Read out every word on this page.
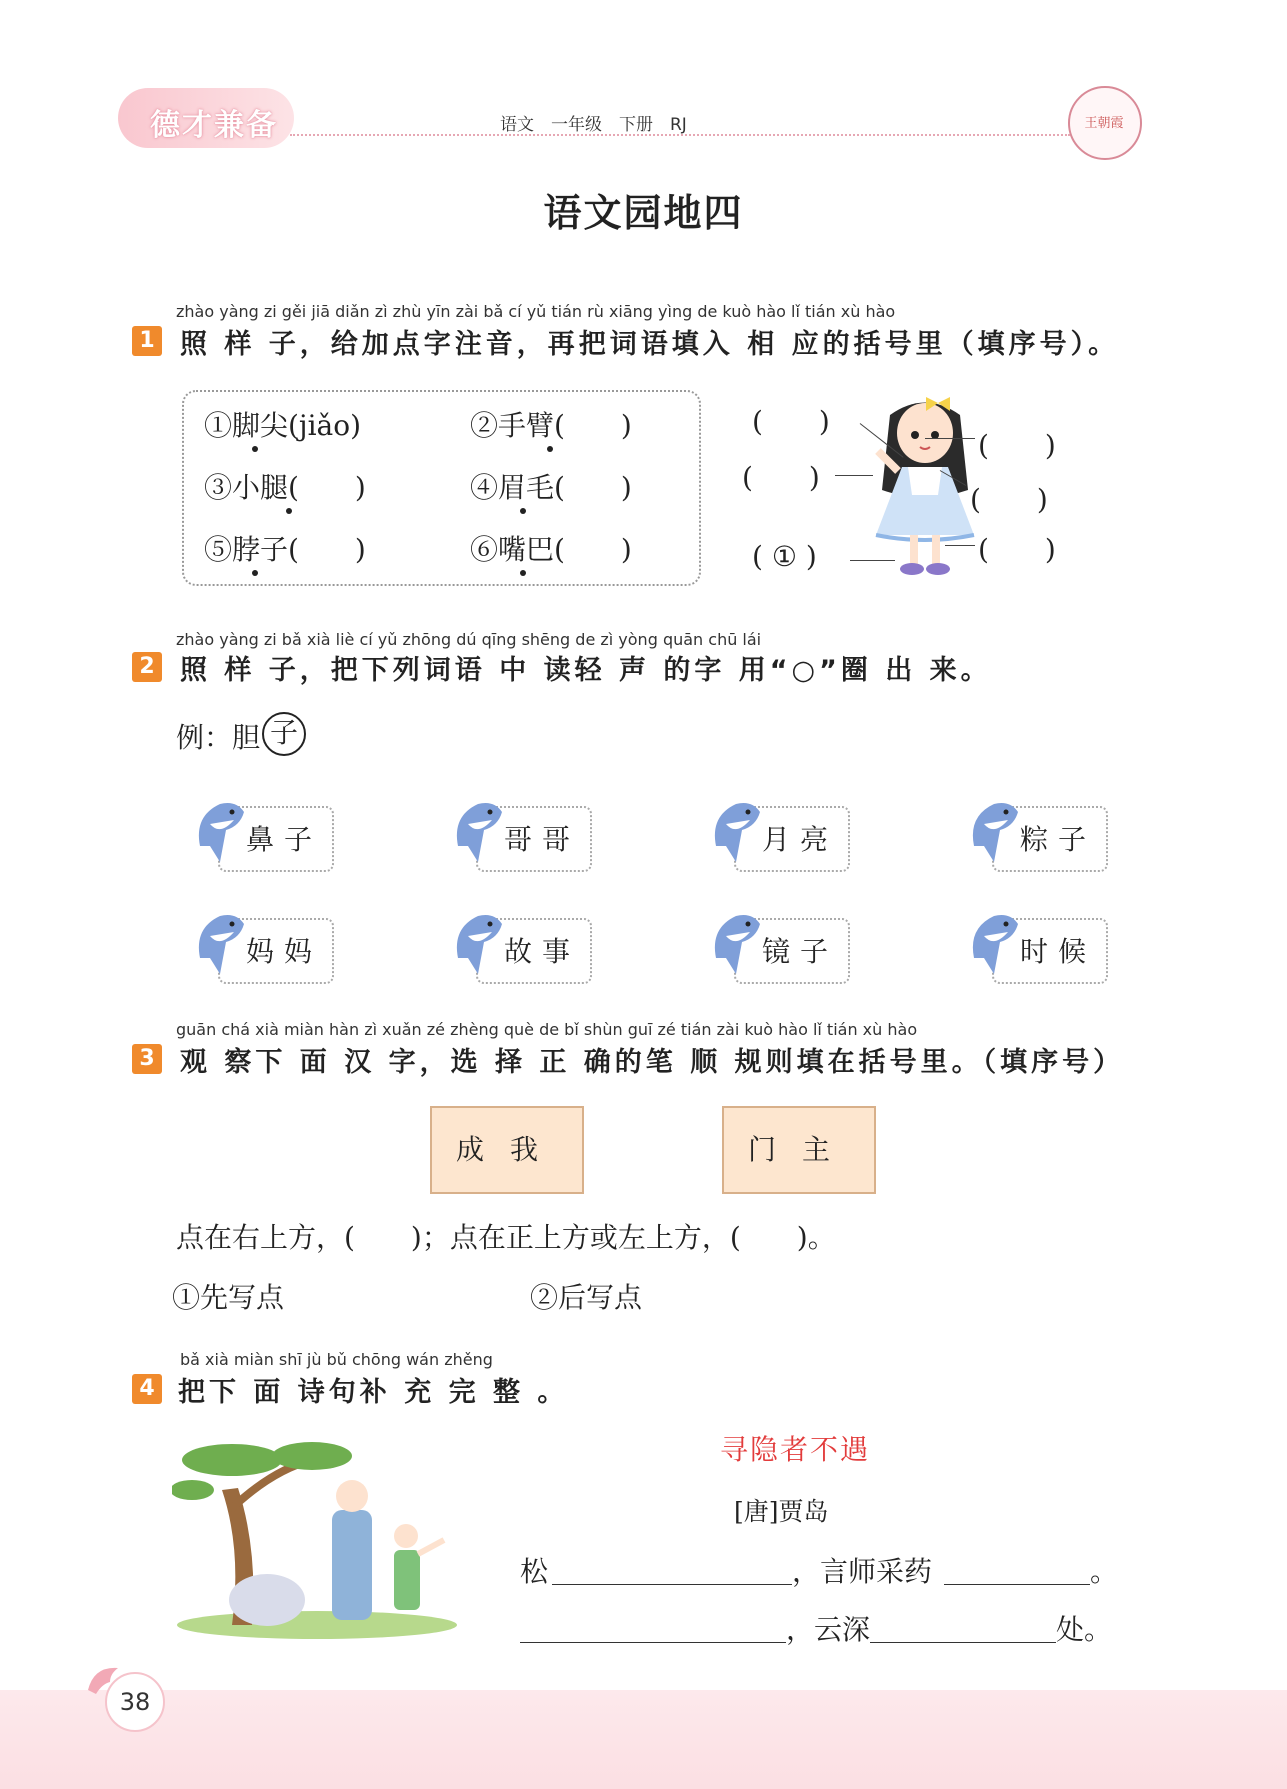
德才兼备	语文　一年级　下册　RJ	王朝霞
语文园地四
zhào yàng zi gěi jiā diǎn zì zhù yīn zài bǎ cí yǔ tián rù xiāng yìng de kuò hào lǐ tián xù hào
1 照 样 子，给加点字注音，再把词语填入 相 应的括号里（填序号）。
①脚尖(jiǎo)	②手臂(　　)
③小腿(　　)	④眉毛(　　)
⑤脖子(　　)	⑥嘴巴(　　)
(　　)
(　　)
(　　)
(　　)
(　　)
( ① )
zhào yàng zi bǎ xià liè cí yǔ zhōng dú qīng shēng de zì yòng quān chū lái
2 照 样 子，把下列词语 中 读轻 声 的字 用“○”圈 出 来。
例：胆 子
鼻子	哥哥	月亮	粽子
妈妈	故事	镜子	时候
guān chá xià miàn hàn zì xuǎn zé zhèng què de bǐ shùn guī zé tián zài kuò hào lǐ tián xù hào
3 观 察下 面 汉 字，选 择 正 确的笔 顺 规则填在括号里。（填序号）
成我	门主
点在右上方，(　　)；点在正上方或左上方，(　　)。
①先写点	②后写点
bǎ xià miàn shī jù bǔ chōng wán zhěng
4 把下 面 诗句补 充 完 整 。
寻隐者不遇
[唐]贾岛
松	，言师采药	。
，云深	处。
38
